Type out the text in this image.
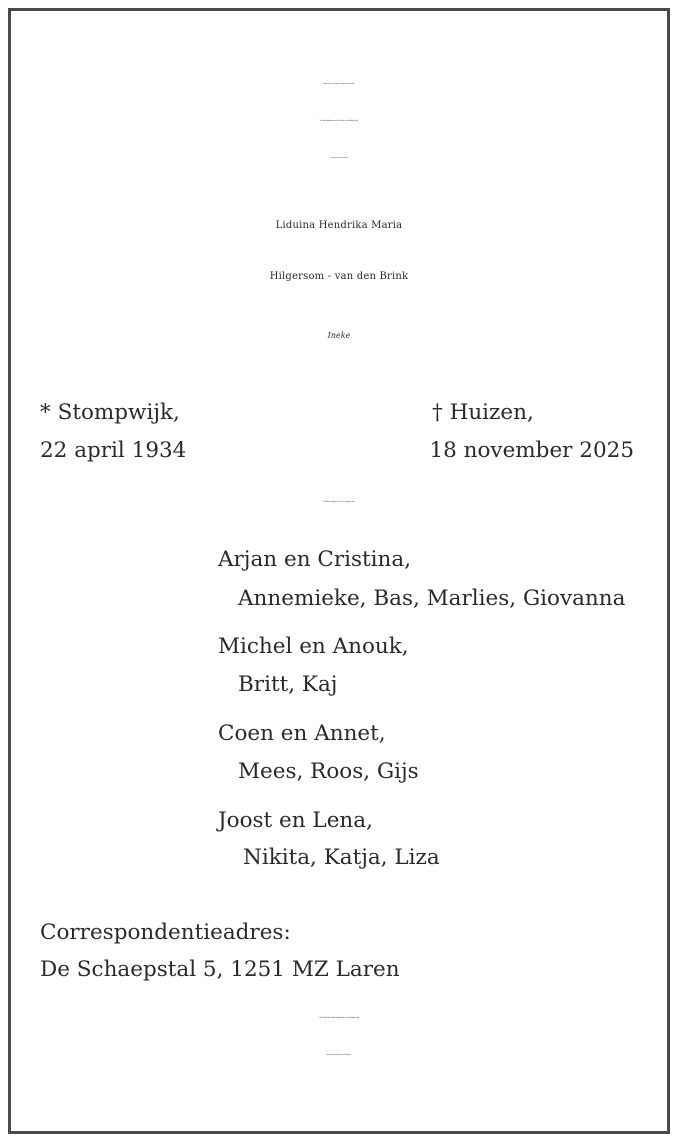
Ineke was een cadeau voor ons allemaal.
We zijn dankbaar voor alle liefde en vrolijkheid die
zij in ons leven bracht
Liduina Hendrika Maria
Hilgersom - van den Brink
Ineke
* Stompwijk,
22 april 1934
† Huizen,
18 november 2025
Geliefde echtgenote van Kees Hilgersom †
Arjan en Cristina,
Annemieke, Bas, Marlies, Giovanna
Michel en Anouk,
Britt, Kaj
Coen en Annet,
Mees, Roos, Gijs
Joost en Lena,
Nikita, Katja, Liza
Correspondentieadres:
De Schaepstal 5, 1251 MZ Laren
Het afscheid heeft plaatsgevonden in het bijzijn van
de mensen die haar lief hebben.
